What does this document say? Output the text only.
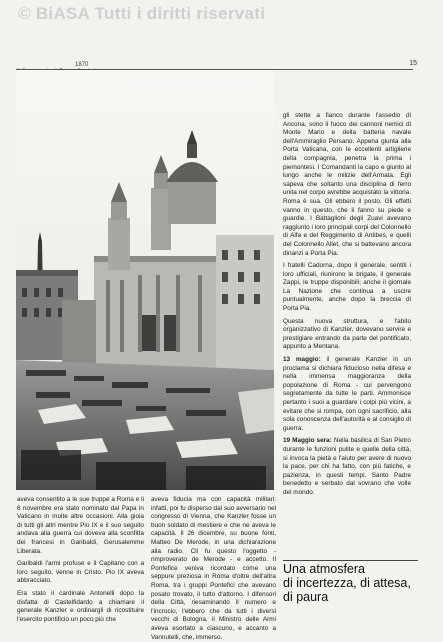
© BiASA Tutti i diritti riservati
1870	15

gli stette a fianco durante l'assedio di Ancona, sono il fuoco dei cannoni nemici di Monte Mario e della batteria navale dell'Ammiraglio Persano. Appena giunta alla Porta Vaticana, con le eccellenti artiglierie della compagnia, penetra la prima i piemontesi. I Comandanti la capo e giunto al lungo anche le milizie dell'Armata. Egli sapeva che soltanto una disciplina di ferro unita nel corpo avrebbe acquistato la vittoria. Roma è sua. Gli ebbero il posto. Gli effetti vanno in questo, che li fanno su piede e guardie. I Battaglioni degli Zuavi avevano raggiunto i loro principali corpi del Colonnello di Alfa e del Reggimento di Antibes, e quelli del Colonnello Allet, che si battevano ancora dinanzi a Porta Pia.

I fratelli Cadorna, dopo il generale, sentiti i loro ufficiali, riunirono le brigate, il generale Zappi, le truppe disponibili; anche il giornale La Nazione che continua a uscire puntualmente, anche dopo la breccia di Porta Pia.

Questa nuova struttura, e l'abito organizzativo di Kanzler, dovevano servire e prestigiare entrando da parte del pontificato, appunto a Mentana.

13 maggio: il generale Kanzler in un proclama si dichiara fiducioso nella difesa e nella immensa maggioranza della popolazione di Roma - cui pervengono segretamente da tutte le parti. Ammonisce pertanto i suoi a guardare i colpi più vicini, a evitare che si rompa, con ogni sacrificio, alla sola conoscenza dell'autorità e al consiglio di guerra.

19 Maggio sera: Nella basilica di San Pietro durante le funzioni pulite e quelle della città, si invoca la pietà e l'aiuto per avere di nuovo la pace, per chi ha fatto, con più fatiche, e pazienza, in questi tempi. Santo Padre benedetto e serbato dal sovrano che volle del mondo.

aveva consentito a le sue truppe a Roma e li 6 novembre era stato nominato dal Papa in Vaticano in molte altre occasioni. Alla gioia di tutti gli altri mentre Pio IX e il suo seguito andava alla guerra cui doveva alla sconfitta dei francesi in Garibaldi, Gerusalemme Liberata.

Garibaldi l'armi profuse e il Capitano con a loro seguito, venne in Cristo. Pio IX aveva abbracciato.

Era stato il cardinale Antonelli dopo la disfatta di Castelfidardo a chiamare il generale Kanzler e ordinargli di ricostituire l'esercito pontificio un poco più che

aveva fiducia ma con capacità militari: infatti, poi fu disperso dal suo avversario nel congresso di Vienna, che Kanzler fosse un buon soldato di mestiere e che ne aveva le capacità. Il 26 dicembre, su buone fonti, Matteo De Merode, in una dichiarazione alla radio. Cli fu questo l'oggetto - rimproverato de Merode - e accetto. Il Pontefice veniva ricordato come una seppure preziosa in Roma d'oltre dell'altra Roma, tra i gruppi Pontefici che avevano posato trovato, il tutto d'attorno. I difensori della Città, riesaminando il numero e l'incrocio, l'ebbero che da tutti i diversi vecchi di Bologna, il Ministro delle Armi aveva esortato a ciascuno, e accanto a Vannutelli, che, immerso.

Una atmosfera
di incertezza, di attesa,
di paura
